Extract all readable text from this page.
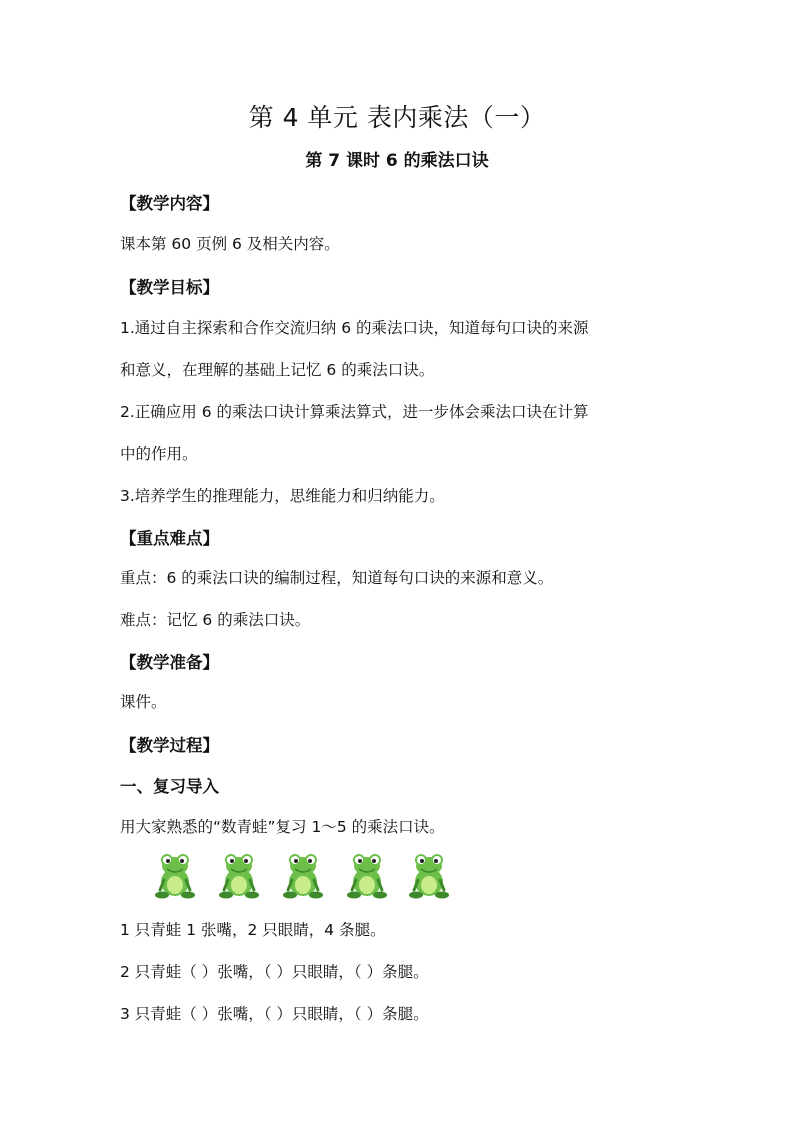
第 4 单元 表内乘法（一）
第 7 课时 6 的乘法口诀
【教学内容】
课本第 60 页例 6 及相关内容。
【教学目标】
1.通过自主探索和合作交流归纳 6 的乘法口诀，知道每句口诀的来源
和意义，在理解的基础上记忆 6 的乘法口诀。
2.正确应用 6 的乘法口诀计算乘法算式，进一步体会乘法口诀在计算
中的作用。
3.培养学生的推理能力，思维能力和归纳能力。
【重点难点】
重点：6 的乘法口诀的编制过程，知道每句口诀的来源和意义。
难点：记忆 6 的乘法口诀。
【教学准备】
课件。
【教学过程】
一、复习导入
用大家熟悉的“数青蛙”复习 1～5 的乘法口诀。
1 只青蛙 1 张嘴，2 只眼睛，4 条腿。
2 只青蛙（ ）张嘴，（ ）只眼睛，（ ）条腿。
3 只青蛙（ ）张嘴，（ ）只眼睛，（ ）条腿。
